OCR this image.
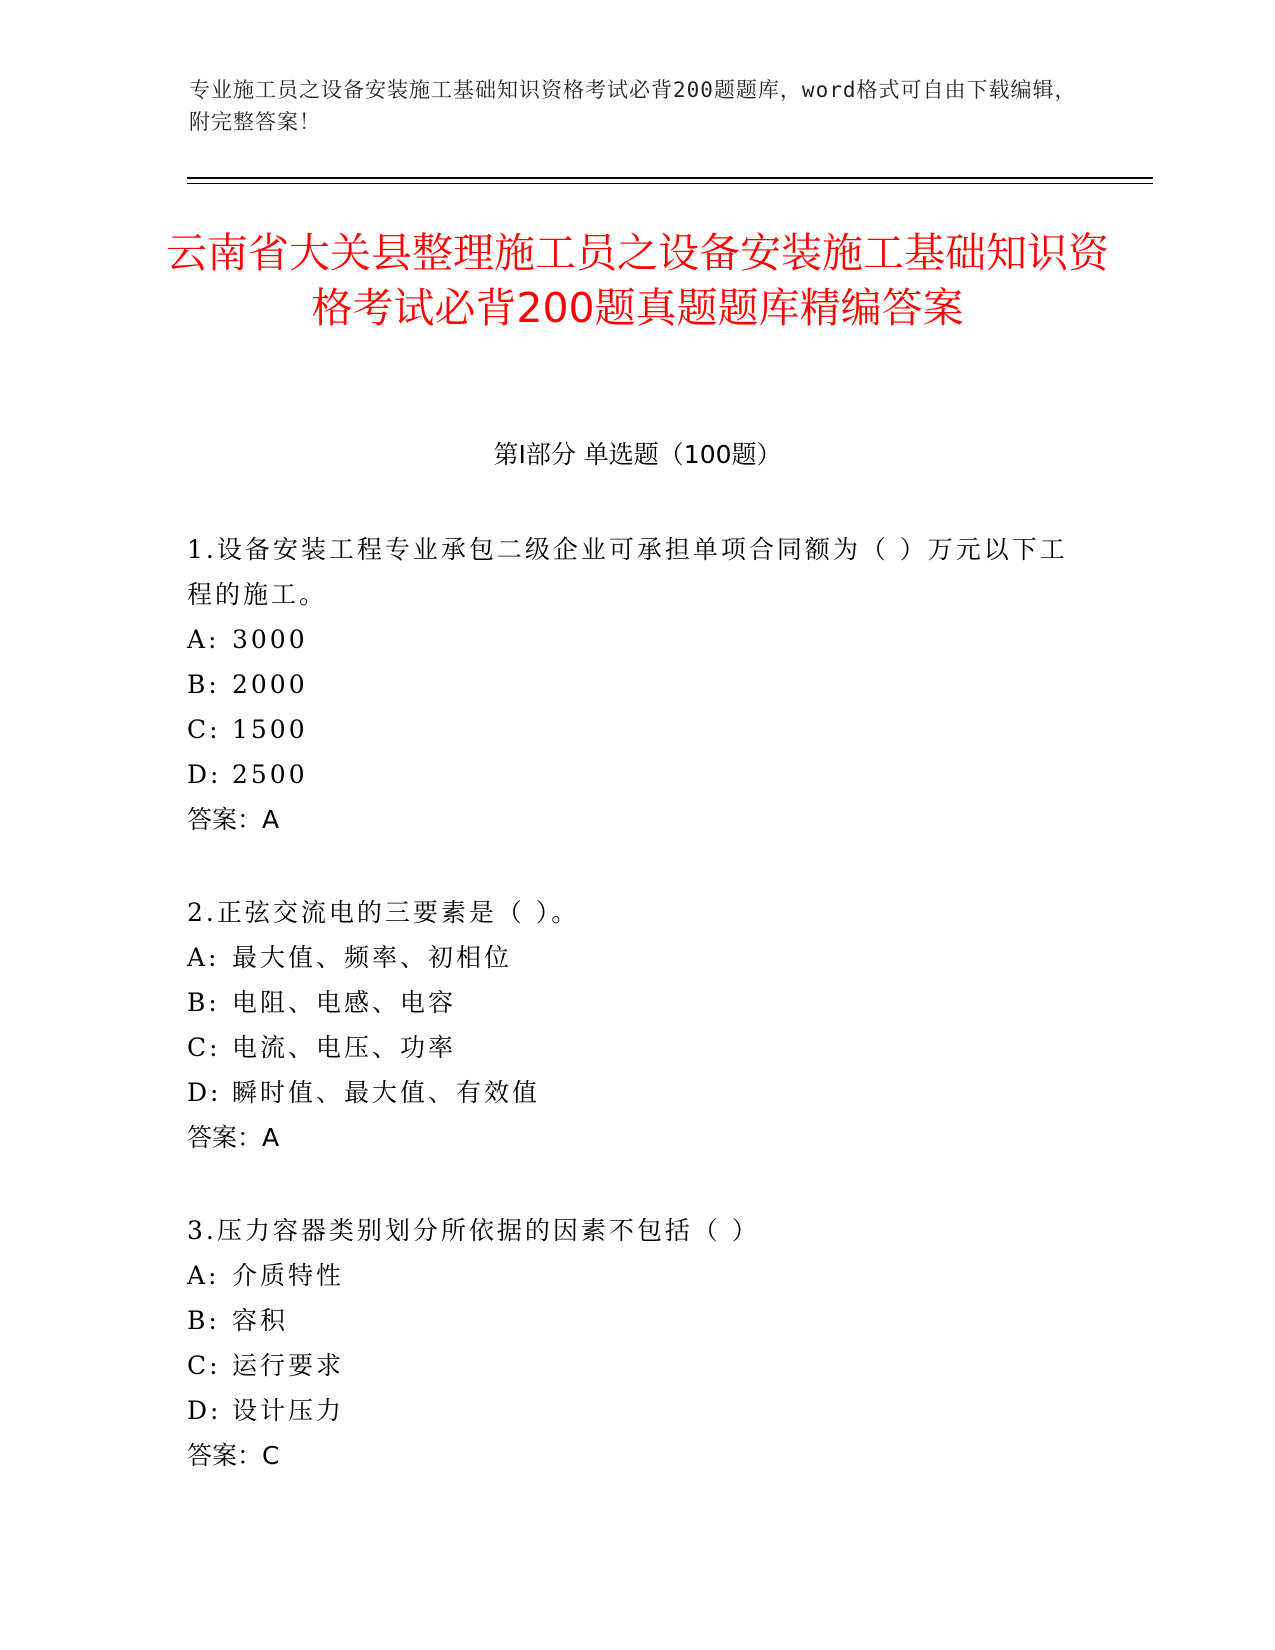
专业施工员之设备安装施工基础知识资格考试必背200题题库，word格式可自由下载编辑，附完整答案！
云南省大关县整理施工员之设备安装施工基础知识资格考试必背200题真题题库精编答案
第Ⅰ部分 单选题（100题）

1.设备安装工程专业承包二级企业可承担单项合同额为（ ）万元以下工程的施工。

A: 3000

B: 2000

C: 1500

D: 2500

答案：A

2.正弦交流电的三要素是（ ）。

A: 最大值、频率、初相位

B: 电阻、电感、电容

C: 电流、电压、功率

D: 瞬时值、最大值、有效值

答案：A

3.压力容器类别划分所依据的因素不包括（ ）

A: 介质特性

B: 容积

C: 运行要求

D: 设计压力

答案：C
